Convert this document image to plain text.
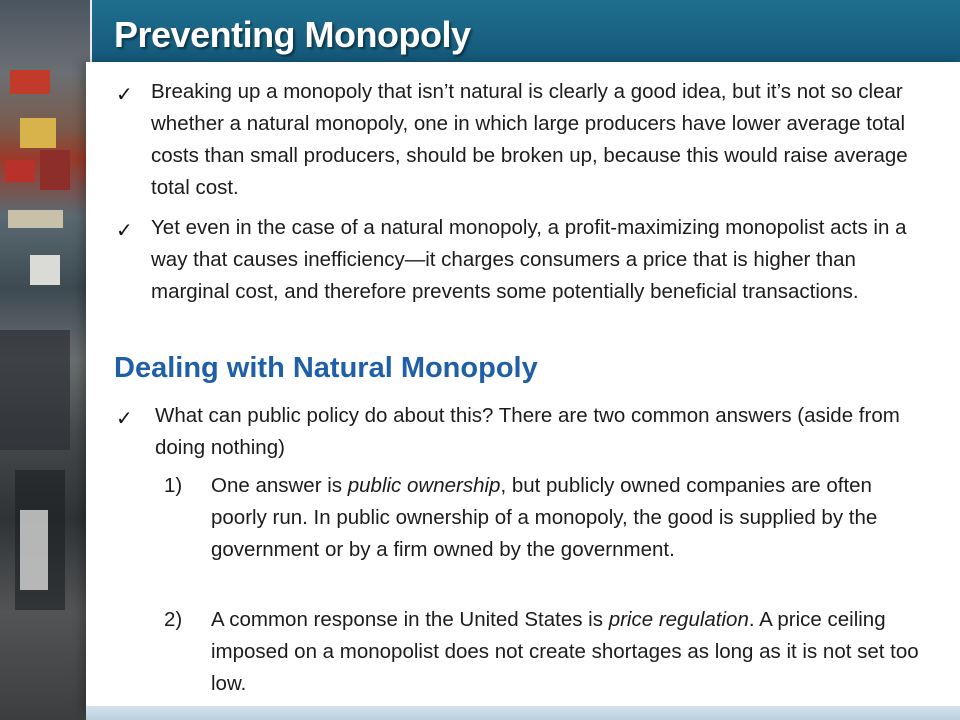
Preventing Monopoly
✓ Breaking up a monopoly that isn’t natural is clearly a good idea, but it’s not so clear whether a natural monopoly, one in which large producers have lower average total costs than small producers, should be broken up, because this would raise average total cost.
✓ Yet even in the case of a natural monopoly, a profit-maximizing monopolist acts in a way that causes inefficiency—it charges consumers a price that is higher than marginal cost, and therefore prevents some potentially beneficial transactions.
Dealing with Natural Monopoly
✓ What can public policy do about this? There are two common answers (aside from doing nothing)
1) One answer is public ownership, but publicly owned companies are often poorly run. In public ownership of a monopoly, the good is supplied by the government or by a firm owned by the government.
2) A common response in the United States is price regulation. A price ceiling imposed on a monopolist does not create shortages as long as it is not set too low.
